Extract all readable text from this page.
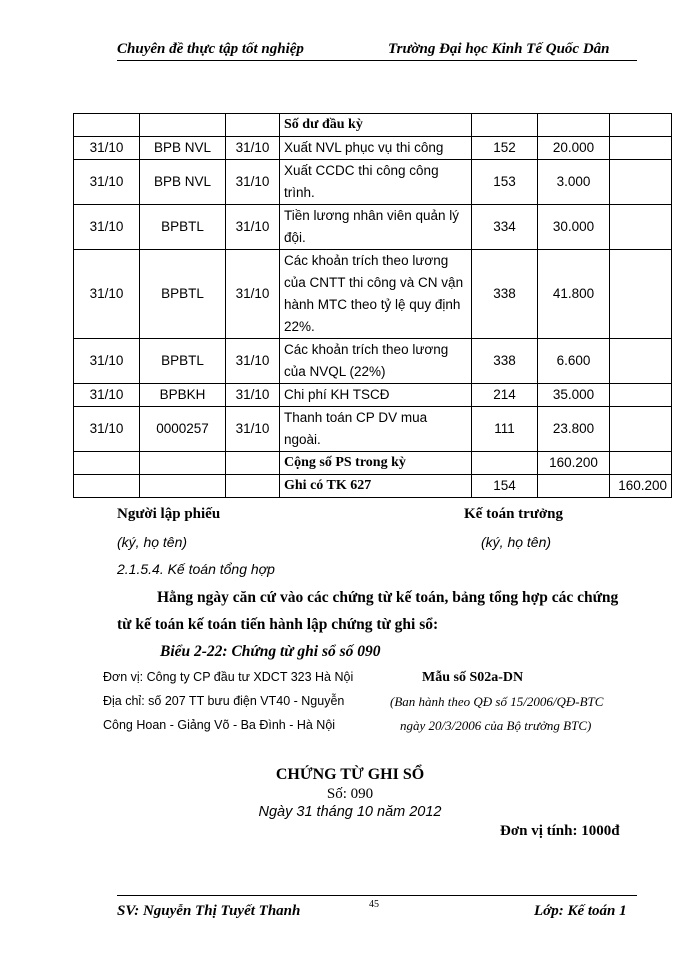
Chuyên đề thực tập tốt nghiệp	Trường Đại học Kinh Tế Quốc Dân
			Số dư đầu kỳ			
31/10	BPB NVL	31/10	Xuất NVL phục vụ thi công	152	20.000	
31/10	BPB NVL	31/10	Xuất CCDC thi công công trình.	153	3.000	
31/10	BPBTL	31/10	Tiền lương nhân viên quản lý đội.	334	30.000	
31/10	BPBTL	31/10	Các khoản trích theo lương của CNTT thi công và CN vận hành MTC theo tỷ lệ quy định 22%.	338	41.800	
31/10	BPBTL	31/10	Các khoản trích theo lương của NVQL (22%)	338	6.600	
31/10	BPBKH	31/10	Chi phí KH TSCĐ	214	35.000	
31/10	0000257	31/10	Thanh toán CP DV mua ngoài.	111	23.800	
			Cộng số PS trong kỳ		160.200	
			Ghi có TK 627	154		160.200
Người lập phiếu	Kế toán trưởng
(ký, họ tên)	(ký, họ tên)
2.1.5.4. Kế toán tổng hợp
Hằng ngày căn cứ vào các chứng từ kế toán, bảng tổng hợp các chứng
từ kế toán kế toán tiến hành lập chứng từ ghi sổ:
Biểu 2-22: Chứng từ ghi sổ số 090
Đơn vị: Công ty CP đầu tư XDCT 323 Hà Nội
Địa chỉ: số 207 TT bưu điện VT40 - Nguyễn
Công Hoan - Giảng Võ - Ba Đình - Hà Nội
Mẫu số S02a-DN
(Ban hành theo QĐ số 15/2006/QĐ-BTC
ngày 20/3/2006 của Bộ trưởng BTC)
CHỨNG TỪ GHI SỔ
Số: 090
Ngày 31 tháng 10 năm 2012
Đơn vị tính: 1000đ
SV: Nguyễn Thị Tuyết Thanh	45	Lớp: Kế toán 1
